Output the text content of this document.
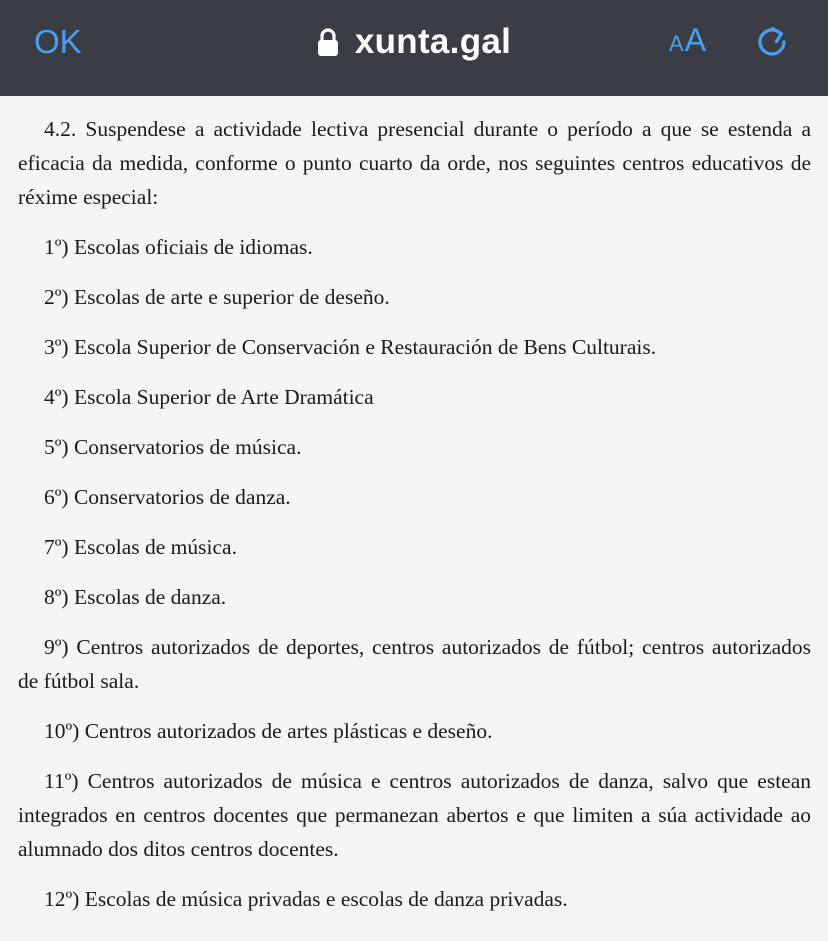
OK	xunta.gal	A A

4.2. Suspendese a actividade lectiva presencial durante o período a que se estenda a eficacia da medida, conforme o punto cuarto da orde, nos seguintes centros educativos de réxime especial:

1º) Escolas oficiais de idiomas.

2º) Escolas de arte e superior de deseño.

3º) Escola Superior de Conservación e Restauración de Bens Culturais.

4º) Escola Superior de Arte Dramática

5º) Conservatorios de música.

6º) Conservatorios de danza.

7º) Escolas de música.

8º) Escolas de danza.

9º) Centros autorizados de deportes, centros autorizados de fútbol; centros autorizados de fútbol sala.

10º) Centros autorizados de artes plásticas e deseño.

11º) Centros autorizados de música e centros autorizados de danza, salvo que estean integrados en centros docentes que permanezan abertos e que limiten a súa actividade ao alumnado dos ditos centros docentes.

12º) Escolas de música privadas e escolas de danza privadas.
